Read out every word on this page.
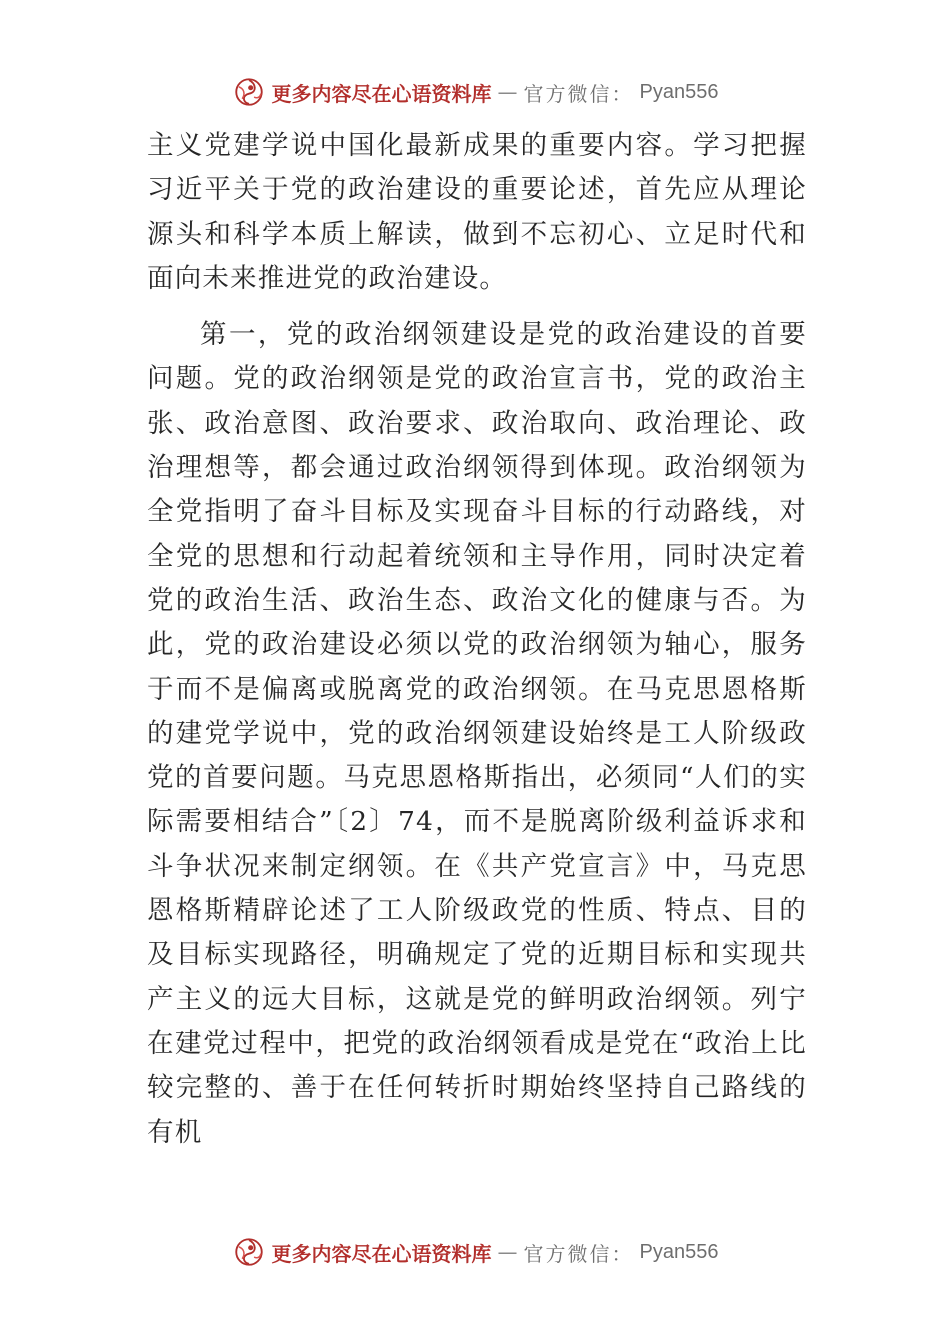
更多内容尽在心语资料库 — 官方微信： Pyan556

主义党建学说中国化最新成果的重要内容。学习把握习近平关于党的政治建设的重要论述，首先应从理论源头和科学本质上解读，做到不忘初心、立足时代和面向未来推进党的政治建设。

第一，党的政治纲领建设是党的政治建设的首要问题。党的政治纲领是党的政治宣言书，党的政治主张、政治意图、政治要求、政治取向、政治理论、政治理想等，都会通过政治纲领得到体现。政治纲领为全党指明了奋斗目标及实现奋斗目标的行动路线，对全党的思想和行动起着统领和主导作用，同时决定着党的政治生活、政治生态、政治文化的健康与否。为此，党的政治建设必须以党的政治纲领为轴心，服务于而不是偏离或脱离党的政治纲领。在马克思恩格斯的建党学说中，党的政治纲领建设始终是工人阶级政党的首要问题。马克思恩格斯指出，必须同“人们的实际需要相结合”〔2〕74，而不是脱离阶级利益诉求和斗争状况来制定纲领。在《共产党宣言》中，马克思恩格斯精辟论述了工人阶级政党的性质、特点、目的及目标实现路径，明确规定了党的近期目标和实现共产主义的远大目标，这就是党的鲜明政治纲领。列宁在建党过程中，把党的政治纲领看成是党在“政治上比较完整的、善于在任何转折时期始终坚持自己路线的有机

更多内容尽在心语资料库 — 官方微信： Pyan556
